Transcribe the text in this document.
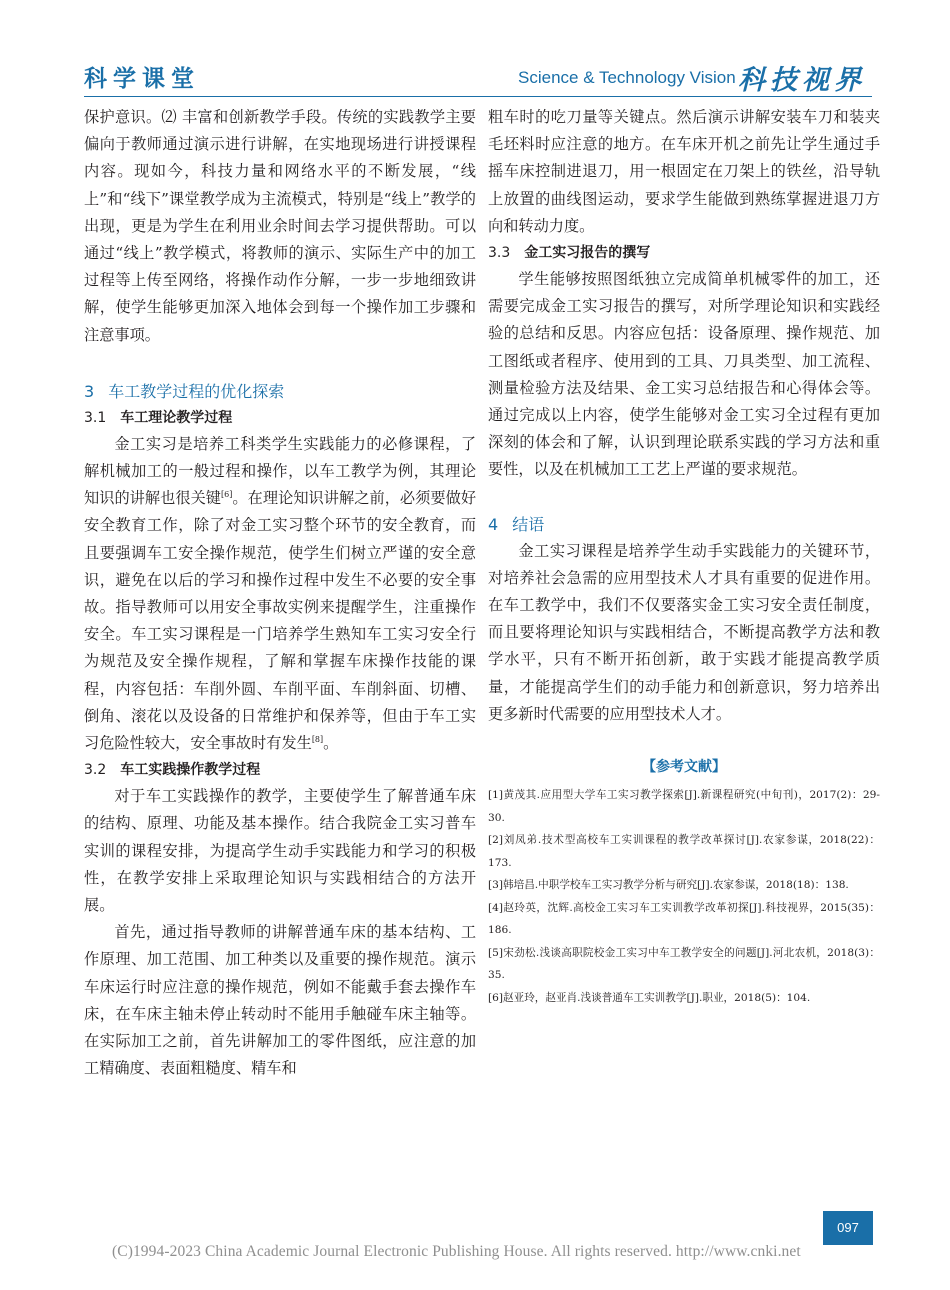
科学课堂	Science & Technology Vision 科技视界

保护意识。⑵ 丰富和创新教学手段。传统的实践教学主要偏向于教师通过演示进行讲解，在实地现场进行讲授课程内容。现如今，科技力量和网络水平的不断发展，“线上”和“线下”课堂教学成为主流模式，特别是“线上”教学的出现，更是为学生在利用业余时间去学习提供帮助。可以通过“线上”教学模式，将教师的演示、实际生产中的加工过程等上传至网络，将操作动作分解，一步一步地细致讲解，使学生能够更加深入地体会到每一个操作加工步骤和注意事项。

3 车工教学过程的优化探索
3.1 车工理论教学过程

金工实习是培养工科类学生实践能力的必修课程，了解机械加工的一般过程和操作，以车工教学为例，其理论知识的讲解也很关键[6]。在理论知识讲解之前，必须要做好安全教育工作，除了对金工实习整个环节的安全教育，而且要强调车工安全操作规范，使学生们树立严谨的安全意识，避免在以后的学习和操作过程中发生不必要的安全事故。指导教师可以用安全事故实例来提醒学生，注重操作安全。车工实习课程是一门培养学生熟知车工实习安全行为规范及安全操作规程，了解和掌握车床操作技能的课程，内容包括：车削外圆、车削平面、车削斜面、切槽、倒角、滚花以及设备的日常维护和保养等，但由于车工实习危险性较大，安全事故时有发生[8]。

3.2 车工实践操作教学过程

对于车工实践操作的教学，主要使学生了解普通车床的结构、原理、功能及基本操作。结合我院金工实习普车实训的课程安排，为提高学生动手实践能力和学习的积极性，在教学安排上采取理论知识与实践相结合的方法开展。

首先，通过指导教师的讲解普通车床的基本结构、工作原理、加工范围、加工种类以及重要的操作规范。演示车床运行时应注意的操作规范，例如不能戴手套去操作车床，在车床主轴未停止转动时不能用手触碰车床主轴等。在实际加工之前，首先讲解加工的零件图纸，应注意的加工精确度、表面粗糙度、精车和

粗车时的吃刀量等关键点。然后演示讲解安装车刀和装夹毛坯料时应注意的地方。在车床开机之前先让学生通过手摇车床控制进退刀，用一根固定在刀架上的铁丝，沿导轨上放置的曲线图运动，要求学生能做到熟练掌握进退刀方向和转动力度。

3.3 金工实习报告的撰写

学生能够按照图纸独立完成简单机械零件的加工，还需要完成金工实习报告的撰写，对所学理论知识和实践经验的总结和反思。内容应包括：设备原理、操作规范、加工图纸或者程序、使用到的工具、刀具类型、加工流程、测量检验方法及结果、金工实习总结报告和心得体会等。通过完成以上内容，使学生能够对金工实习全过程有更加深刻的体会和了解，认识到理论联系实践的学习方法和重要性，以及在机械加工工艺上严谨的要求规范。

4 结语

金工实习课程是培养学生动手实践能力的关键环节，对培养社会急需的应用型技术人才具有重要的促进作用。在车工教学中，我们不仅要落实金工实习安全责任制度，而且要将理论知识与实践相结合，不断提高教学方法和教学水平，只有不断开拓创新，敢于实践才能提高教学质量，才能提高学生们的动手能力和创新意识，努力培养出更多新时代需要的应用型技术人才。

【参考文献】
[1]黄茂其.应用型大学车工实习教学探索[J].新课程研究(中旬刊)，2017(2)：29-30.
[2]刘凤弟.技术型高校车工实训课程的教学改革探讨[J].农家参谋，2018(22)：173.
[3]韩培昌.中职学校车工实习教学分析与研究[J].农家参谋，2018(18)：138.
[4]赵玲英，沈辉.高校金工实习车工实训教学改革初探[J].科技视界，2015(35)：186.
[5]宋劲松.浅谈高职院校金工实习中车工教学安全的问题[J].河北农机，2018(3)：35.
[6]赵亚玲，赵亚肖.浅谈普通车工实训教学[J].职业，2018(5)：104.
097
(C)1994-2023 China Academic Journal Electronic Publishing House. All rights reserved. http://www.cnki.net
